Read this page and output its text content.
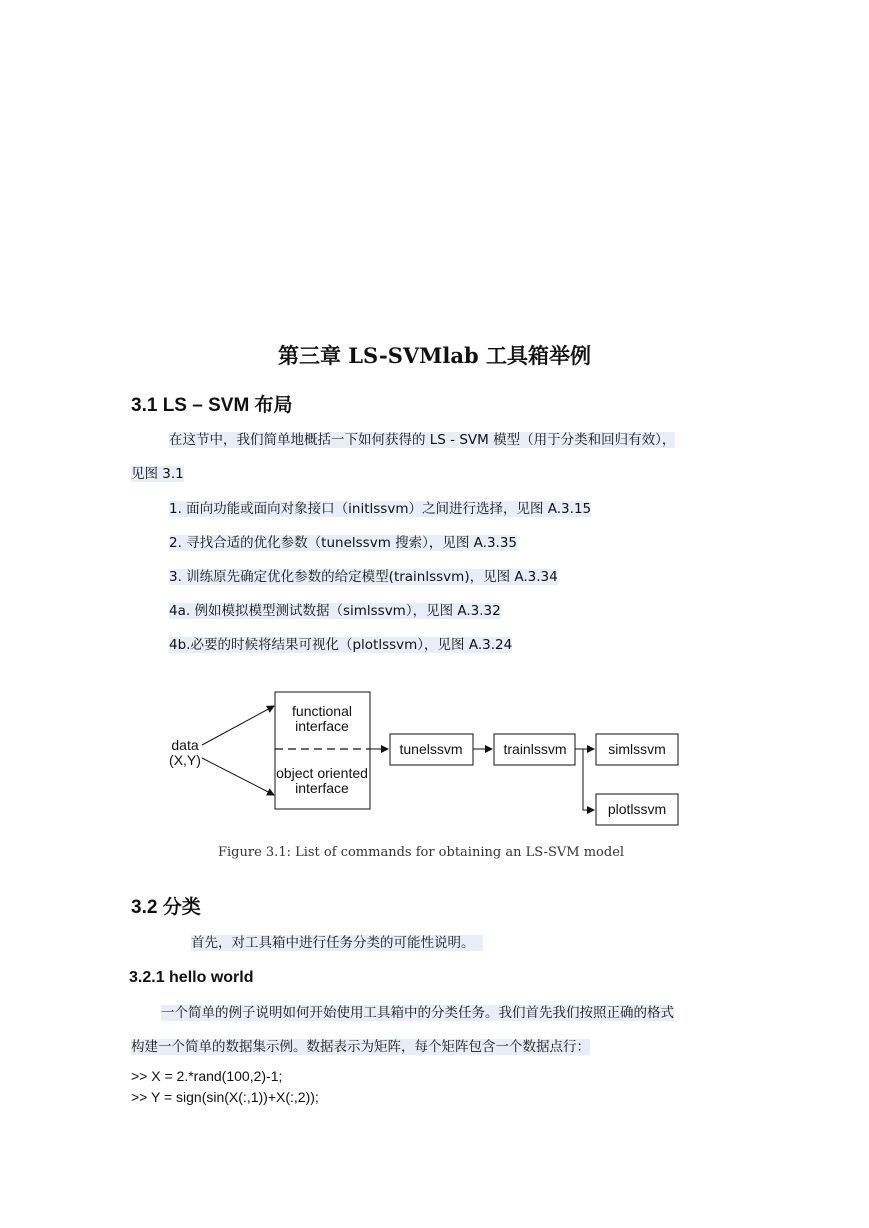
第三章 LS-SVMlab 工具箱举例
3.1 LS – SVM 布局
在这节中，我们简单地概括一下如何获得的 LS - SVM 模型（用于分类和回归有效），
见图 3.1
1. 面向功能或面向对象接口（initlssvm）之间进行选择，见图 A.3.15
2. 寻找合适的优化参数（tunelssvm 搜索），见图 A.3.35
3. 训练原先确定优化参数的给定模型(trainlssvm)，见图 A.3.34
4a. 例如模拟模型测试数据（simlssvm），见图 A.3.32
4b.必要的时候将结果可视化（plotlssvm），见图 A.3.24
data
(X,Y)
functional
interface
object oriented
interface
tunelssvm	trainlssvm	simlssvm
plotlssvm
Figure 3.1: List of commands for obtaining an LS-SVM model
3.2 分类
首先，对工具箱中进行任务分类的可能性说明。
3.2.1 hello world
一个简单的例子说明如何开始使用工具箱中的分类任务。我们首先我们按照正确的格式
构建一个简单的数据集示例。数据表示为矩阵，每个矩阵包含一个数据点行：
>> X = 2.*rand(100,2)-1;
>> Y = sign(sin(X(:,1))+X(:,2));
